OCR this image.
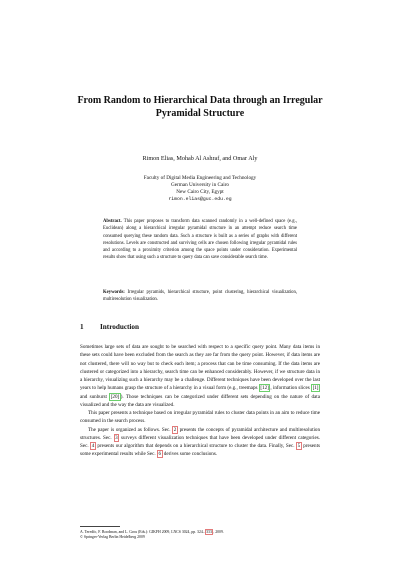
From Random to Hierarchical Data through an Irregular Pyramidal Structure
Rimon Elias, Mohab Al Ashraf, and Omar Aly
Faculty of Digital Media Engineering and Technology
German University in Cairo
New Cairo City, Egypt
rimon.elias@guc.edu.eg
Abstract. This paper proposes to transform data scanned randomly in a well-defined space (e.g., Euclidean) along a hierarchical irregular pyramidal structure in an attempt reduce search time consumed querying these random data. Such a structure is built as a series of graphs with different resolutions. Levels are constructed and surviving cells are chosen following irregular pyramidal rules and according to a proximity criterion among the space points under consideration. Experimental results show that using such a structure to query data can save considerable search time.
Keywords: Irregular pyramids, hierarchical structure, point clustering, hierarchical visualization, multiresolution visualization.
1 Introduction

Sometimes large sets of data are sought to be searched with respect to a specific query point. Many data items in these sets could have been excluded from the search as they are far from the query point. However, if data items are not clustered, there will no way but to check each item; a process that can be time consuming. If the data items are clustered or categorized into a hierarchy, search time can be enhanced considerably. However, if we structure data in a hierarchy, visualizing such a hierarchy may be a challenge. Different techniques have been developed over the last years to help humans grasp the structure of a hierarchy in a visual form (e.g., treemaps [12] , information slices [1] and sunburst [20] ). Those techniques can be categorized under different sets depending on the nature of data visualized and the way the data are visualized.

This paper presents a technique based on irregular pyramidal rules to cluster data points in an aim to reduce time consumed in the search process.

The paper is organized as follows. Sec. 2 presents the concepts of pyramidal architecture and multiresolution structures. Sec. 3 surveys different visualization techniques that have been developed under different categories. Sec. 4 presents our algorithm that depends on a hierarchical structure to cluster the data. Finally, Sec. 5 presents some experimental results while Sec. 6 derives some conclusions.

A. Teredfo, F. Boodman, and L. Grou (Eds.): GIKFH 2009, LNCS 3024, pp. 324– 333 , 2009.
© Springer-Verlag Berlin Heidelberg 2009
